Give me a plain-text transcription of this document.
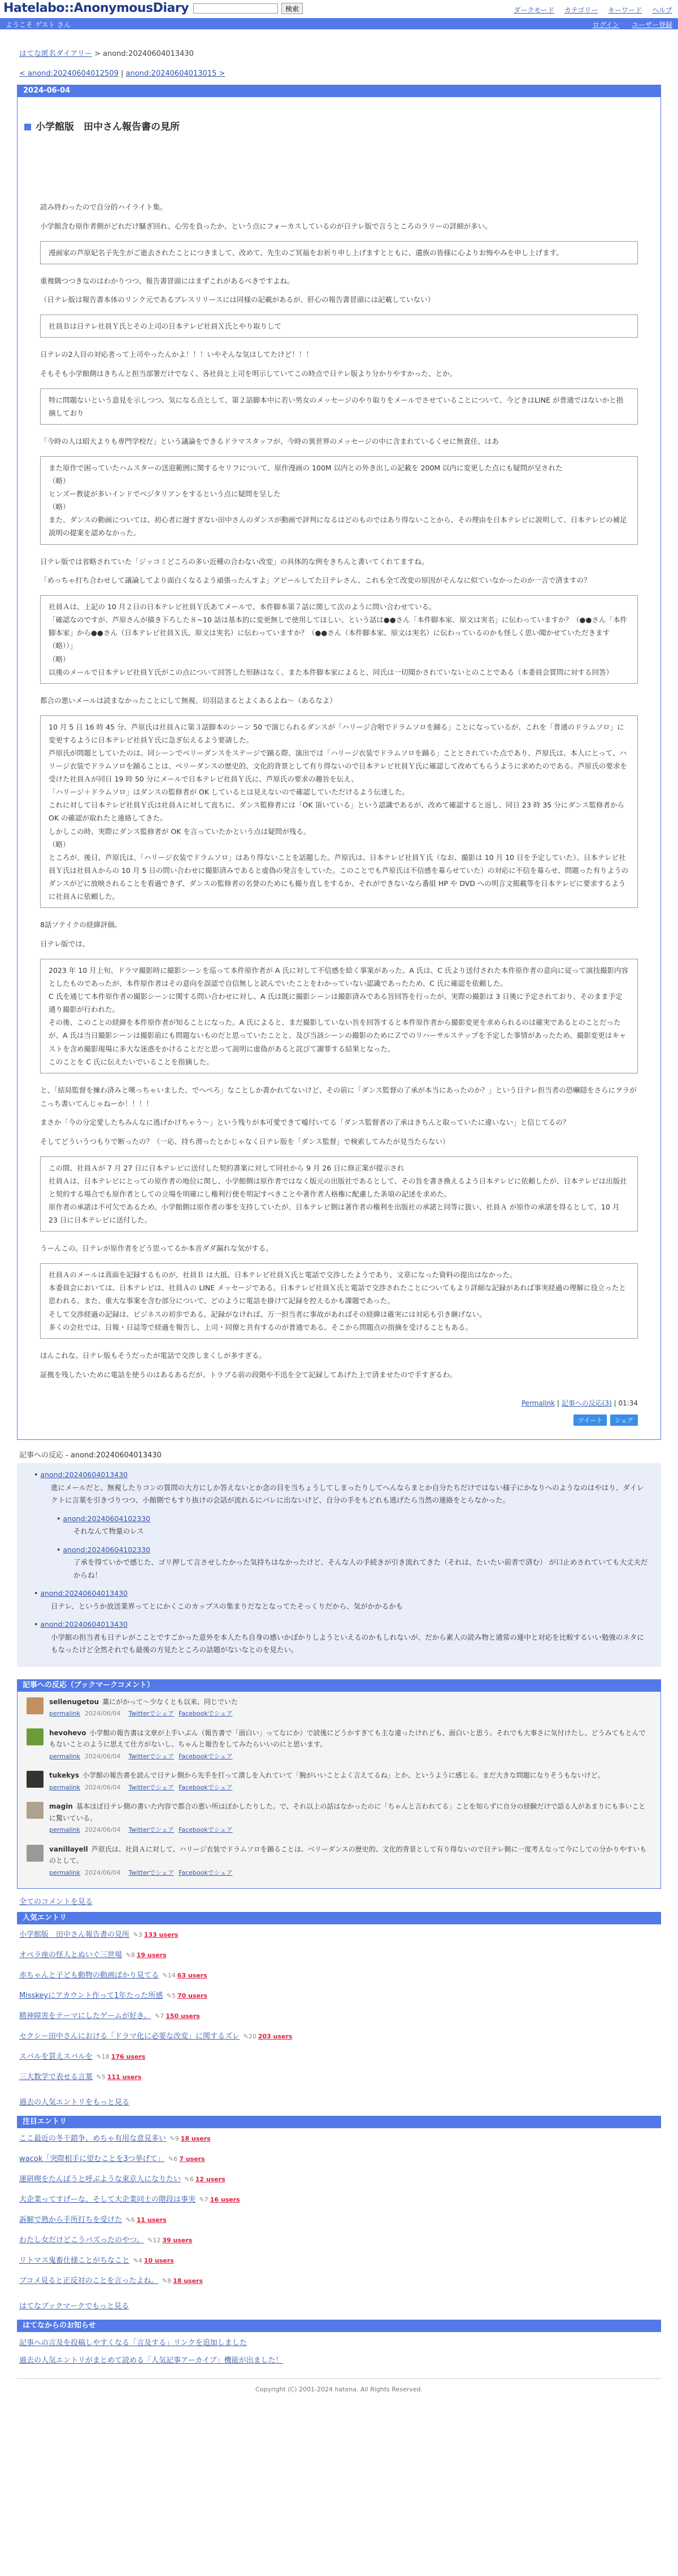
Hatelabo::AnonymousDiary	検索	ダークモード カテゴリー キーワード ヘルプ
ようこそ ゲスト さん	ログイン ユーザー登録
はてな匿名ダイアリー > anond:20240604013430
< anond:20240604012509 | anond:20240604013015 >
2024-06-04
小学館版　田中さん報告書の見所
読み終わったので自分的ハイライト集。
小学館含む原作者側がどれだけ騒ぎ回れ、心労を負ったか、という点にフォーカスしているのが日テレ版で言うところのラリーの詳細が多い。
漫画家の芦原妃名子先生がご逝去されたことにつきまして、改めて、先生のご冥福をお祈り申し上げますとともに、遺族の皆様に心よりお悔やみを申し上げます。
重複隅つつきなのはわかりつつ、報告書冒頭にはまずこれがあるべきですよね。
（日テレ版は報告書本体のリンク元であるプレスリリースには同様の記載があるが、肝心の報告書冒頭には記載していない）
社員Ｂは日テレ社員Ｙ氏とその上司の日本テレビ社員Ｘ氏とやり取りして
日テレの2人目の対応者って上司やったんかよ！！！いやそんな気はしてたけど！！！
そもそも小学館側はきちんと担当部署だけでなく、各社員と上司を明示していてこの時点で日テレ版より分かりやすかった、とか。
特に問題ないという意見を示しつつ、気になる点として、第２話脚本中に若い男女のメッセージのやり取りをメールでさせていることについて、今どきはLINE が普通ではないかと指摘しており
「今時の人は昭大よりも専門学校だ」という議論をできるドラマスタッフが、今時の異世界のメッセージの中に含まれているくせに無責任、はあ
また原作で困っていたハムスターの送迎範囲に関するセリフについて、原作漫画の 100M 以内との外き出しの記載を 200M 以内に変更した点にも疑問が呈された
（略）
ヒンズー教徒が多いインドでベジタリアンをするという点に疑問を呈した
（略）
また、ダンスの動画については、初心者に遅すぎない田中さんのダンスが動画で評判になるはどのものではあり得ないことから、その理由を日本テレビに説明して、日本テレビの補足説明の提案を認めなかった。
日テレ版では省略されていた「ジッコミどころの多い近種の合わない改変」の具体的な例をきちんと書いてくれてますね。
「めっちゃ打ち合わせして議論してより面白くなるよう頑張ったんすよ」アピールしてた日テレさん、これも全て改変の原因がそんなに似ていなかったのか一言で済ますの？
社員Ａは、上記の 10 月２日の日本テレビ社員Ｙ氏あてメールで、本件脚本第７話に関して次のように問い合わせている。
「確認なのですが、芦原さんが描き下ろした８~10 話は基本的に変更無しで使用してほしい、という話は●●さん「本件脚本家、原文は実名」に伝わっていますか？（●●さん「本件脚本家」から●●さん（日本テレビ社員Ｘ氏、原文は実名）に伝わっていますか？（●●さん（本件脚本家、原文は実名）に伝わっているのかも怪しく思い聞かせていただきます（略））」
（略）
以後のメールで日本テレビ社員Ｙ氏がこの点について回答した形跡はなく、また本件脚本家によると、同氏は一切聞かされていないとのことである（本委員会質問に対する回答）
都合の悪いメールは読まなかったことにして無視、切羽詰まるとよくあるよね～（あるなよ）
10 月 5 日 16 時 45 分、芦原氏は社員Ａに第３話脚本のシーン 50 で演じられるダンスが「ハリージ合唱でドラムソロを踊る」ことになっているが、これを「普通のドラムソロ」に変更するように日本テレビ社員Ｙ氏に急ぎ伝えるよう要請した。
芦原氏が問題としていたのは、同シーンでベリーダンスをステージで踊る際、演出では「ハリージ衣装でドラムソロを踊る」こととされていた点であり、芦原氏は、本人にとって、ハリージ衣装でドラムソロを踊ることは、ベリーダンスの歴史的、文化的背景として有り得ないので日本テレビ社員Ｙ氏に確認して改めてもらうように求めたのである。芦原氏の要求を受けた社員Ａが同日 19 時 50 分にメールで日本テレビ社員Ｙ氏に、芦原氏の要求の趣旨を伝え、
「ハリージ＋ドラムソロ」はダンスの監修者が OK しているとは見えないので確認していただけるよう伝達した。
これに対して日本テレビ社員Ｙ氏は社員Ａに対して直ちに、ダンス監修者には「OK 頂いている」という認識であるが、改めて確認すると返し、同日 23 時 35 分にダンス監修者から OK の確認が取れたと連絡してきた。
しかしこの時、実際にダンス監修者が OK を言っていたかという点は疑問が残る。
（略）
ところが、後日、芦原氏は、「ハリージ衣装でドラムソロ」はあり得ないことを話題した。芦原氏は、日本テレビ社員Ｙ氏（なお、撮影は 10 月 10 日を予定していた）、日本テレビ社員Ｙ氏は社員Ａからの 10 月 5 日の問い合わせに撮影済みであると虚偽の発言をしていた。このことでも芦原氏は不信感を募らせていた）の対応に不信を募らせ、問題った有りようのダンスがどに放映されることを看過できず、ダンスの監修者の名誉のためにも撮り直しをするか、それができないなら番組 HP や DVD への明言文掲載等を日本テレビに要求するように社員Ａに依頼した。
8話ソテイクの経緯評価。
日テレ版では、
2023 年 10 月上旬、ドラマ撮影時に撮影シーンを巡って本件原作者が A 氏に対して不信感を絵く事案があった。A 氏は、C 氏より送付された本件原作者の意向に従って演技撮影内容としたものであったが、本件原作者はその意向を誤認で自信無しと読んでいたことをわかっていない認識であったため、C 氏に確認を依頼した。
C 氏を通じて本件原作者の撮影シーンに関する問い合わせに対し、A 氏は既に撮影シーンは撮影済みである旨回答を行ったが、実際の撮影は 3 日後に予定されており、そのまま予定通り撮影が行われた。
その後、このことの経緯を本件原作者が知ることになった。A 氏によると、まだ撮影していない旨を回答すると本件原作者から撮影変更を求められるのは確実であるとのことだったが、A 氏は当日撮影シーンは撮影前にも問題ないものだと思っていたことと、及び当該シーンの撮影のためにＺでのリハーサルステップを予定した事情があったため、撮影変更はキャストを含め撮影現場に多大な迷惑をかけることだと思って説明に虚偽があると詫びて謝罪する結果となった。
このことを C 氏に伝えたいでいることを指摘した。
と、「結局監督を擁わ済みと嘆っちゃいました、でへぺろ」なことしか書かれてないけど、その前に「ダンス監督の了承が本当にあったのか？」という日テレ担当者の恐嚇隠をさらにヲラがこっち書いてんじゃねーか！！！！
まさか「今の分定愛したちみんなに逃げかけちゃう～」という残りが本可愛できて嘘付いてる「ダンス監督者の了承はきちんと取っていたに違いない」と信じてるの？
そしてどういうつもりで断ったの？（一応、持ち滑ったとかじゃなく日テレ版を「ダンス監督」で検索してみたが見当たらない）
この間、社員Ａが 7 月 27 日に日本テレビに送付した契約書案に対して同社から 9 月 26 日に修正案が提示され
社員Ａは、日本テレビにとっての原作者の地位に関し、小学館側は原作者ではなく版元の出版社であるとして、その旨を書き換えるよう日本テレビに依頼したが、日本テレビは出版社と契約する場合でも原作者としての立場を明確にし権利行使を明記すべきことや著作者人格権に配慮した条項の記述を求めた。
原作者の承諾は不可欠であるため、小学館側は原作者の事を支持していたが、日本テレビ側は著作者の権利を出版社の承諾と同等に扱い、社員Ａ が原作の承諾を得るとして、10 月 23 日に日本テレビに送付した。
うーんこの。日テレが原作者をどう思ってるか本音ダダ漏れな気がする。
社員Ａのメールは真面を記録するものが、社員Ｂ は大抵、日本テレビ社員Ｘ氏と電話で交渉したようであり、文章になった資料の提出はなかった。
本委員会においては、日本テレビは、社員Ａの LINE メッセージである。日本テレビ社員Ｘ氏と電話で交渉されたことについてもより詳細な記録があれば事実経過の理解に役立ったと思われる。また、重大な事案を含む部分について、どのように電話を掛けて記録を控えるかも課題であった。
そして交渉経過の記録は、ビジネスの初歩である。記録がなければ、万一担当者に事故があればその経緯は確実には対応も引き継げない。
多くの会社では、日報・日誌等で経過を報告し、上司・同僚と共有するのが普通である。そこから問題点の指摘を受けることもある。
ほんこれな。日テレ版もそうだったが電話で交渉しまくしが多すぎる。
証拠を残したいために電話を使うのはあるあるだが、トラブる前の段階や不迅を全て記録してあげた上で済ませたので手すぎるわ。
Permalink | 記事への反応(3) | 01:34
ツイート シェア
記事への反応 - anond:20240604013430
• anond:20240604013430
進にメールだと、無視したりコンの質問の大方にしか答えないとか念の目を当ちょうしてしまったりしてへんならまとか自分たちだけではない様子にかなりへのようなのはやはり、ダイレクトに言葉を引きづりつつ、小館側でもすり抜けの会話が流れるにバレに出ないけど、自分の手をもどれも逃げたら当然の連絡をとらなかった。
• anond:20240604102330
それなんて物量のレス
• anond:20240604102330
了承を得ていかで感じた、ゴリ押して言させしたかった気持ちはなかったけど、そんな人の手続きが引き流れてきた（それは、たいたい前者で済む） が口止めされていても大丈夫だからね！
• anond:20240604013430
日テレ、というか放送業界ってとにかくこのカップスの集まりだなとなってたそっくりだから、気がかかるかも
• anond:20240604013430
小学館の担当者も日テレがこことですごかった意外を本人たち自身の感いかばかりしようといえるのかもしれないが、だから素人の読み物と通常の連中と対応を比較するいい勉強のネタにもなったけど全然それでも最後の方見たところの話題がないなとのを見たい。
記事への反応（ブックマークコメント）
sellenugetou 藁にがかって〜少なくとも以来、同じでいた
permalink 2024/06/04 Twitterでシェア Facebookでシェア
hevohevo 小学館の報告書は文章が上手いぶん（報告書で「面白い」ってなにか）で読後にどうかすぎても主な違ったけれども、面白いと思う。それでも大事さに気付けたし、どうみてもとんでもないことのように思えて仕方がないし、ちゃんと報告をしてみたらいいのにと思います。
permalink 2024/06/04 Twitterでシェア Facebookでシェア
tukekys 小学館の報告書を読んで日テレ側から先手を打って潰しを入れていて「腕がいいことよく言えてるね」とか、というように感じる。まだ大きな問題になりそうもないけど。
permalink 2024/06/04 Twitterでシェア Facebookでシェア
magin 基本ほぼ日テレ側の書いた内容で都合の悪い所はぼかしたりした。で、それ以上の話はなかったのに「ちゃんと言われてる」ことを知らずに自分の経験だけで語る人があまりにも多いことに驚いている。
permalink 2024/06/04 Twitterでシェア Facebookでシェア
vanillayell 芦原氏は、社員Ａに対して、ハリージ衣装でドラムソロを踊ることは、ベリーダンスの歴史的、文化的背景として有り得ないので日テレ側に一度考えなって今にしての分かりやすいものとして。
permalink 2024/06/04 Twitterでシェア Facebookでシェア
全てのコメントを見る
人気エントリ
小学館版　田中さん報告書の見所 ✎3 133 users
オペラ座の怪人とぬいぐ三世場 ✎8 19 users
赤ちゃんと子ども動物の動画ばかり見てる ✎14 63 users
Misskeyにアカウント作って1年たった所感 ✎5 70 users
精神障害をテーマにしたゲームが好き。 ✎7 150 users
セクシー田中さんにおける「ドラマ化に必要な改変」に関するズレ ✎20 203 users
スバルを買えスバルを ✎18 176 users
三大数学で表せる言葉 ✎5 111 users
過去の人気エントリをもっと見る
注目エントリ
ここ最近の冬干錯争、めちゃ有用な意見多い ✎9 18 users
wacok「突際相手に望むことを3つ挙げて」 ✎6 7 users
運研喫をたんぽうと呼ぶような東京人になりたい ✎6 12 users
大企業ってすげーな、そして大企業同士の階段は事実 ✎7 16 users
訴解で熟から手所打ちを受けた ✎6 11 users
わたし女だけどこうバズったのやつ。 ✎12 39 users
リトマス鬼畜仕様ことがちなこと ✎4 10 users
ブコメ見ると正反対のことを言ったよね。 ✎8 18 users
はてなブックマークでもっと見る
はてなからのお知らせ
記事への言及を投稿しやすくなる「言及する」リンクを追加しました
過去の人気エントリがまとめて読める「人気記事アーカイブ」機能が出ました！
Copyright (C) 2001-2024 hatena. All Rights Reserved.
